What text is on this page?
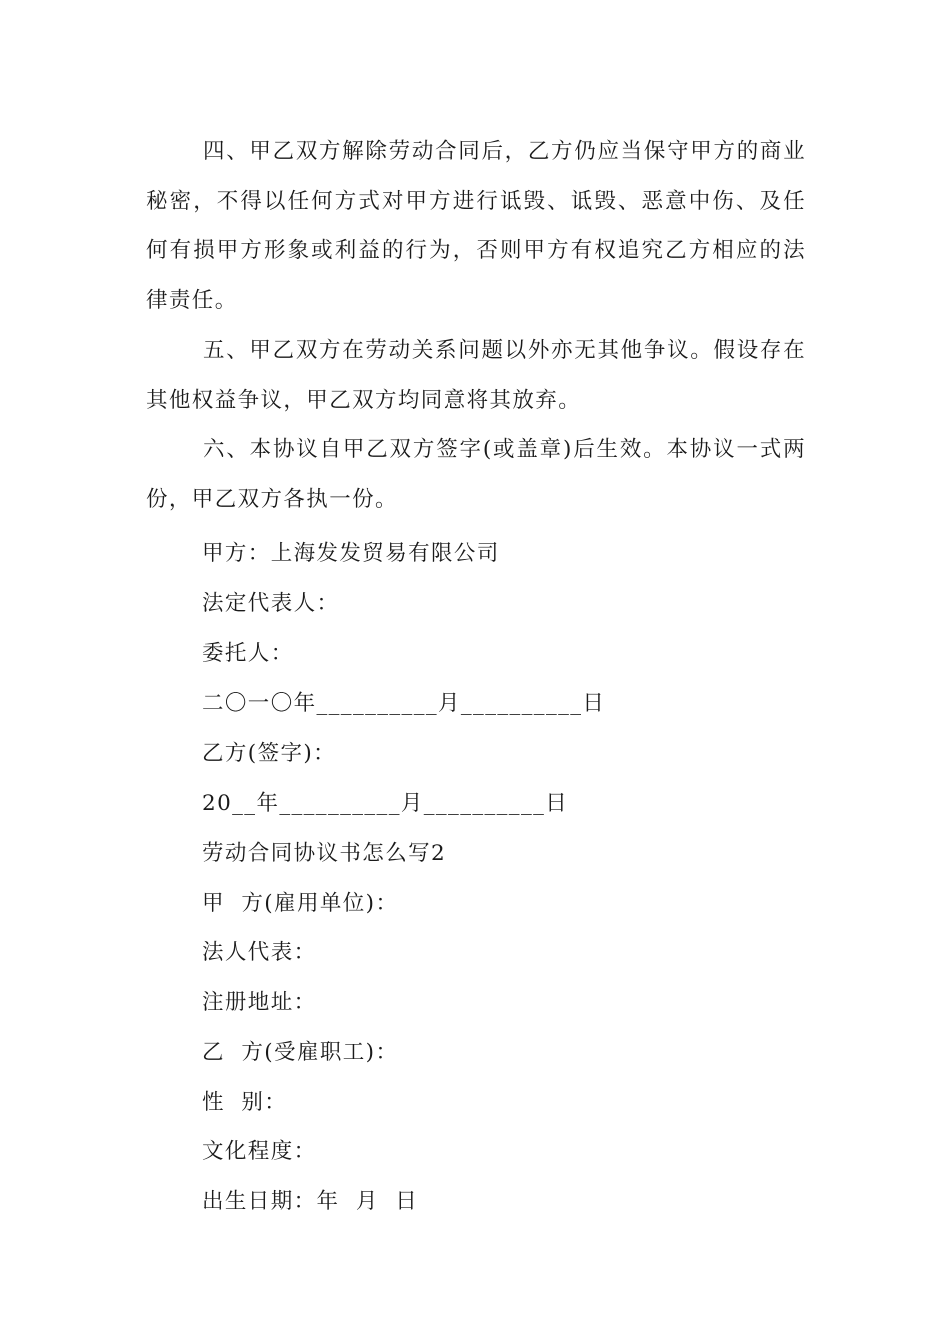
四、甲乙双方解除劳动合同后，乙方仍应当保守甲方的商业秘密，不得以任何方式对甲方进行诋毁、诋毁、恶意中伤、及任何有损甲方形象或利益的行为，否则甲方有权追究乙方相应的法律责任。

五、甲乙双方在劳动关系问题以外亦无其他争议。假设存在其他权益争议，甲乙双方均同意将其放弃。

六、本协议自甲乙双方签字(或盖章)后生效。本协议一式两份，甲乙双方各执一份。

甲方：上海发发贸易有限公司

法定代表人：

委托人：

二〇一〇年__________月__________日

乙方(签字)：

20__年__________月__________日

劳动合同协议书怎么写2

甲  方(雇用单位)：

法人代表：

注册地址：

乙  方(受雇职工)：

性  别：

文化程度：

出生日期：年  月  日
